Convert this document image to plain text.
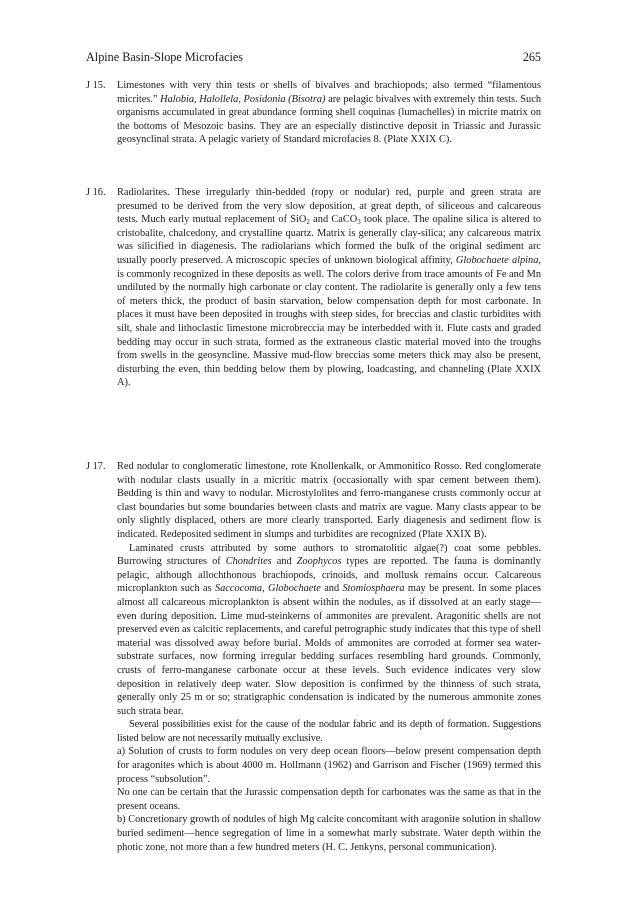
Alpine Basin-Slope Microfacies	265
J 15.	Limestones with very thin tests or shells of bivalves and brachiopods; also termed “filamentous micrites.” Halobia, Halollela, Posidonia (Bisotra) are pelagic bivalves with extremely thin tests. Such organisms accumulated in great abundance forming shell coquinas (lumachelles) in micrite matrix on the bottoms of Mesozoic basins. They are an especially distinctive deposit in Triassic and Jurassic geosynclinal strata. A pelagic variety of Standard microfacies 8. (Plate XXIX C).

J 16.	Radiolarites. These irregularly thin-bedded (ropy or nodular) red, purple and green strata are presumed to be derived from the very slow deposition, at great depth, of siliceous and calcareous tests. Much early mutual replacement of SiO$_2$ and CaCO$_3$ took place. The opaline silica is altered to cristobalite, chalcedony, and crystalline quartz. Matrix is generally clay-silica; any calcareous matrix was silicified in diagenesis. The radiolarians which formed the bulk of the original sediment arc usually poorly preserved. A microscopic species of unknown biological affinity, Globochaete alpina, is commonly recognized in these deposits as well. The colors derive from trace amounts of Fe and Mn undiluted by the normally high carbonate or clay content. The radiolarite is generally only a few tens of meters thick, the product of basin starvation, below compensation depth for most carbonate. In places it must have been deposited in troughs with steep sides, for breccias and clastic turbidites with silt, shale and lithoclastic limestone microbreccia may be interbedded with it. Flute casts and graded bedding may occur in such strata, formed as the extraneous clastic material moved into the troughs from swells in the geosyncline. Massive mud-flow breccias some meters thick may also be present, disturbing the even, thin bedding below them by plowing, loadcasting, and channeling (Plate XXIX A).

J 17.	Red nodular to conglomeratic limestone, rote Knollenkalk, or Ammonitico Rosso. Red conglomerate with nodular clasts usually in a micritic matrix (occasionally with spar cement between them). Bedding is thin and wavy to nodular. Microstylolites and ferro-manganese crusts commonly occur at clast boundaries but some boundaries between clasts and matrix are vague. Many clasts appear to be only slightly displaced, others are more clearly transported. Early diagenesis and sediment flow is indicated. Redeposited sediment in slumps and turbidites are recognized (Plate XXIX B).

Laminated crusts attributed by some authors to stromatolitic algae(?) coat some pebbles. Burrowing structures of Chondrites and Zoophycos types are reported. The fauna is dominantly pelagic, although allochthonous brachiopods, crinoids, and mollusk remains occur. Calcareous microplankton such as Saccocoma, Globochaete and Stomiosphaera may be present. In some places almost all calcareous microplankton is absent within the nodules, as if dissolved at an early stage—even during deposition. Lime mud-steinkerns of ammonites are prevalent. Aragonitic shells are not preserved even as calcitic replacements, and careful petrographic study indicates that this type of shell material was dissolved away before burial. Molds of ammonites are corroded at former sea water-substrate surfaces, now forming irregular bedding surfaces resembling hard grounds. Commonly, crusts of ferro-manganese carbonate occur at these levels. Such evidence indicates very slow deposition in relatively deep water. Slow deposition is confirmed by the thinness of such strata, generally only 25 m or so; stratigraphic condensation is indicated by the numerous ammonite zones such strata bear.

Several possibilities exist for the cause of the nodular fabric and its depth of formation. Suggestions listed below are not necessarily mutually exclusive.

a) Solution of crusts to form nodules on very deep ocean floors—below present compensation depth for aragonites which is about 4000 m. Hollmann (1962) and Garrison and Fischer (1969) termed this process “subsolution”.

No one can be certain that the Jurassic compensation depth for carbonates was the same as that in the present oceans.

b) Concretionary growth of nodules of high Mg calcite concomitant with aragonite solution in shallow buried sediment—hence segregation of lime in a somewhat marly substrate. Water depth within the photic zone, not more than a few hundred meters (H. C. Jenkyns, personal communication).
